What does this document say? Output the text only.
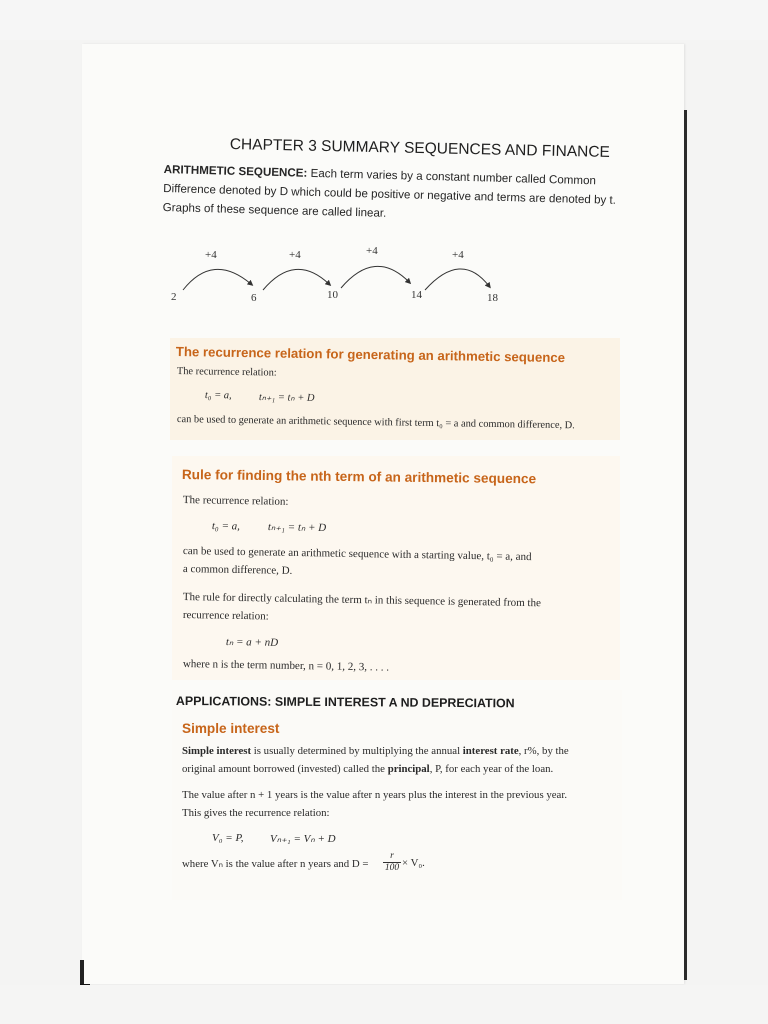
CHAPTER 3 SUMMARY SEQUENCES AND FINANCE
ARITHMETIC SEQUENCE: Each term varies by a constant number called Common Difference denoted by D which could be positive or negative and terms are denoted by t. Graphs of these sequence are called linear.
+4	+4	+4	+4
2	6	10	14	18
The recurrence relation for generating an arithmetic sequence
The recurrence relation:
t₀ = a,	tₙ₊₁ = tₙ + D
can be used to generate an arithmetic sequence with first term t₀ = a and common difference, D.
Rule for finding the nth term of an arithmetic sequence
The recurrence relation:
t₀ = a,	tₙ₊₁ = tₙ + D
can be used to generate an arithmetic sequence with a starting value, t₀ = a, and
a common difference, D.
The rule for directly calculating the term tₙ in this sequence is generated from the
recurrence relation:
tₙ = a + nD
where n is the term number, n = 0, 1, 2, 3, . . . .
APPLICATIONS: SIMPLE INTEREST A ND DEPRECIATION
Simple interest
Simple interest is usually determined by multiplying the annual interest rate, r%, by the
original amount borrowed (invested) called the principal, P, for each year of the loan.
The value after n + 1 years is the value after n years plus the interest in the previous year.
This gives the recurrence relation:
V₀ = P, Vₙ₊₁ = Vₙ + D
where Vₙ is the value after n years and $D = \frac{r}{100} \times V_0$.
